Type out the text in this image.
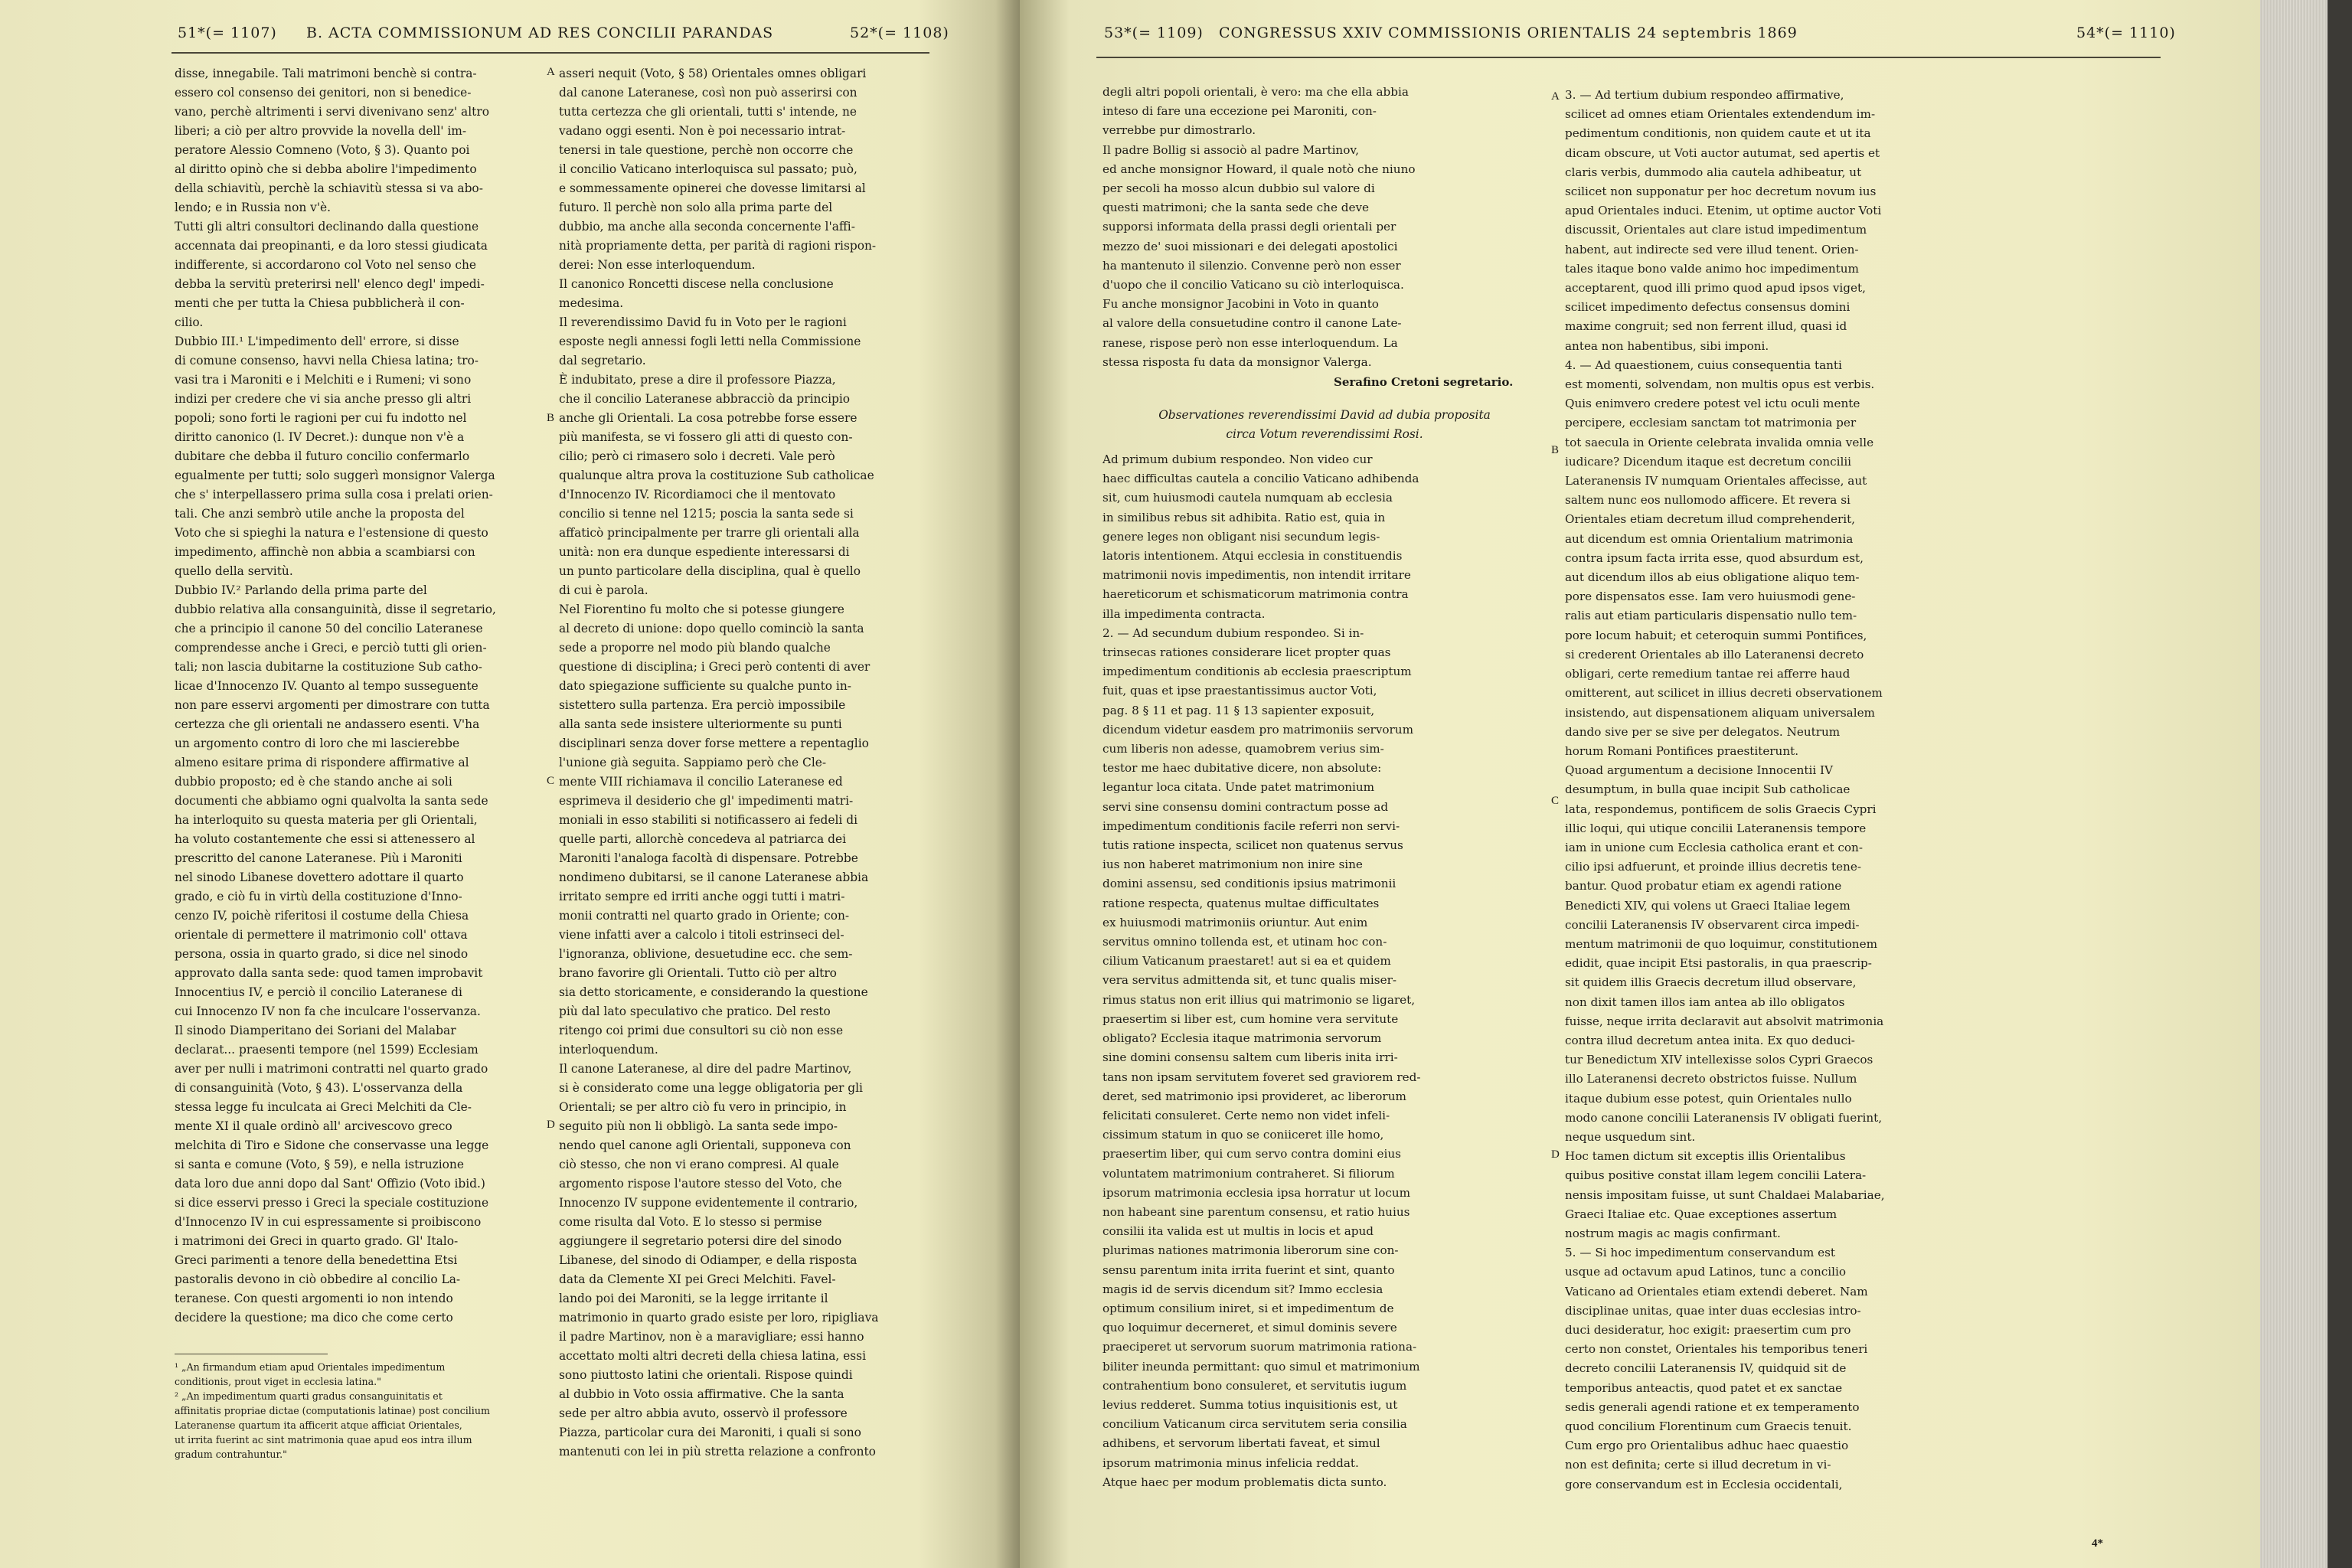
51*(= 1107) B. ACTA COMMISSIONUM AD RES CONCILII PARANDAS	52*(= 1108)
disse, innegabile. Tali matrimoni benchè si contra-
essero col consenso dei genitori, non si benedice-
vano, perchè altrimenti i servi divenivano senz' altro
liberi; a ciò per altro provvide la novella dell' im-
peratore Alessio Comneno (Voto, § 3). Quanto poi
al diritto opinò che si debba abolire l'impedimento
della schiavitù, perchè la schiavitù stessa si va abo-
lendo; e in Russia non v'è.
Tutti gli altri consultori declinando dalla questione
accennata dai preopinanti, e da loro stessi giudicata
indifferente, si accordarono col Voto nel senso che
debba la servitù preterirsi nell' elenco degl' impedi-
menti che per tutta la Chiesa pubblicherà il con-
cilio.
Dubbio III.¹ L'impedimento dell' errore, si disse
di comune consenso, havvi nella Chiesa latina; tro-
vasi tra i Maroniti e i Melchiti e i Rumeni; vi sono
indizi per credere che vi sia anche presso gli altri
popoli; sono forti le ragioni per cui fu indotto nel
diritto canonico (l. IV Decret.): dunque non v'è a
dubitare che debba il futuro concilio confermarlo
egualmente per tutti; solo suggerì monsignor Valerga
che s' interpellassero prima sulla cosa i prelati orien-
tali. Che anzi sembrò utile anche la proposta del
Voto che si spieghi la natura e l'estensione di questo
impedimento, affinchè non abbia a scambiarsi con
quello della servitù.
Dubbio IV.² Parlando della prima parte del
dubbio relativa alla consanguinità, disse il segretario,
che a principio il canone 50 del concilio Lateranese
comprendesse anche i Greci, e perciò tutti gli orien-
tali; non lascia dubitarne la costituzione Sub catho-
licae d'Innocenzo IV. Quanto al tempo susseguente
non pare esservi argomenti per dimostrare con tutta
certezza che gli orientali ne andassero esenti. V'ha
un argomento contro di loro che mi lascierebbe
almeno esitare prima di rispondere affirmative al
dubbio proposto; ed è che stando anche ai soli
documenti che abbiamo ogni qualvolta la santa sede
ha interloquito su questa materia per gli Orientali,
ha voluto costantemente che essi si attenessero al
prescritto del canone Lateranese. Più i Maroniti
nel sinodo Libanese dovettero adottare il quarto
grado, e ciò fu in virtù della costituzione d'Inno-
cenzo IV, poichè riferitosi il costume della Chiesa
orientale di permettere il matrimonio coll' ottava
persona, ossia in quarto grado, si dice nel sinodo
approvato dalla santa sede: quod tamen improbavit
Innocentius IV, e perciò il concilio Lateranese di
cui Innocenzo IV non fa che inculcare l'osservanza.
Il sinodo Diamperitano dei Soriani del Malabar
declarat... praesenti tempore (nel 1599) Ecclesiam
aver per nulli i matrimoni contratti nel quarto grado
di consanguinità (Voto, § 43). L'osservanza della
stessa legge fu inculcata ai Greci Melchiti da Cle-
mente XI il quale ordinò all' arcivescovo greco
melchita di Tiro e Sidone che conservasse una legge
si santa e comune (Voto, § 59), e nella istruzione
data loro due anni dopo dal Sant' Offizio (Voto ibid.)
si dice esservi presso i Greci la speciale costituzione
d'Innocenzo IV in cui espressamente si proibiscono
i matrimoni dei Greci in quarto grado. Gl' Italo-
Greci parimenti a tenore della benedettina Etsi
pastoralis devono in ciò obbedire al concilio La-
teranese. Con questi argomenti io non intendo
decidere la questione; ma dico che come certo
asseri nequit (Voto, § 58) Orientales omnes obligari
dal canone Lateranese, così non può asserirsi con
tutta certezza che gli orientali, tutti s' intende, ne
vadano oggi esenti. Non è poi necessario intrat-
tenersi in tale questione, perchè non occorre che
il concilio Vaticano interloquisca sul passato; può,
e sommessamente opinerei che dovesse limitarsi al
futuro. Il perchè non solo alla prima parte del
dubbio, ma anche alla seconda concernente l'affi-
nità propriamente detta, per parità di ragioni rispon-
derei: Non esse interloquendum.
Il canonico Roncetti discese nella conclusione
medesima.
Il reverendissimo David fu in Voto per le ragioni
esposte negli annessi fogli letti nella Commissione
dal segretario.
È indubitato, prese a dire il professore Piazza,
che il concilio Lateranese abbracciò da principio
anche gli Orientali. La cosa potrebbe forse essere
più manifesta, se vi fossero gli atti di questo con-
cilio; però ci rimasero solo i decreti. Vale però
qualunque altra prova la costituzione Sub catholicae
d'Innocenzo IV. Ricordiamoci che il mentovato
concilio si tenne nel 1215; poscia la santa sede si
affaticò principalmente per trarre gli orientali alla
unità: non era dunque espediente interessarsi di
un punto particolare della disciplina, qual è quello
di cui è parola.
Nel Fiorentino fu molto che si potesse giungere
al decreto di unione: dopo quello cominciò la santa
sede a proporre nel modo più blando qualche
questione di disciplina; i Greci però contenti di aver
dato spiegazione sufficiente su qualche punto in-
sistettero sulla partenza. Era perciò impossibile
alla santa sede insistere ulteriormente su punti
disciplinari senza dover forse mettere a repentaglio
l'unione già seguita. Sappiamo però che Cle-
mente VIII richiamava il concilio Lateranese ed
esprimeva il desiderio che gl' impedimenti matri-
moniali in esso stabiliti si notificassero ai fedeli di
quelle parti, allorchè concedeva al patriarca dei
Maroniti l'analoga facoltà di dispensare. Potrebbe
nondimeno dubitarsi, se il canone Lateranese abbia
irritato sempre ed irriti anche oggi tutti i matri-
monii contratti nel quarto grado in Oriente; con-
viene infatti aver a calcolo i titoli estrinseci del-
l'ignoranza, oblivione, desuetudine ecc. che sem-
brano favorire gli Orientali. Tutto ciò per altro
sia detto storicamente, e considerando la questione
più dal lato speculativo che pratico. Del resto
ritengo coi primi due consultori su ciò non esse
interloquendum.
Il canone Lateranese, al dire del padre Martinov,
si è considerato come una legge obligatoria per gli
Orientali; se per altro ciò fu vero in principio, in
seguito più non li obbligò. La santa sede impo-
nendo quel canone agli Orientali, supponeva con
ciò stesso, che non vi erano compresi. Al quale
argomento rispose l'autore stesso del Voto, che
Innocenzo IV suppone evidentemente il contrario,
come risulta dal Voto. E lo stesso si permise
aggiungere il segretario potersi dire del sinodo
Libanese, del sinodo di Odiamper, e della risposta
data da Clemente XI pei Greci Melchiti. Favel-
lando poi dei Maroniti, se la legge irritante il
matrimonio in quarto grado esiste per loro, ripigliava
il padre Martinov, non è a maravigliare; essi hanno
accettato molti altri decreti della chiesa latina, essi
sono piuttosto latini che orientali. Rispose quindi
al dubbio in Voto ossia affirmative. Che la santa
sede per altro abbia avuto, osservò il professore
Piazza, particolar cura dei Maroniti, i quali si sono
mantenuti con lei in più stretta relazione a confronto
A
B
C
D
¹ „An firmandum etiam apud Orientales impedimentum
conditionis, prout viget in ecclesia latina."
² „An impedimentum quarti gradus consanguinitatis et
affinitatis propriae dictae (computationis latinae) post concilium
Lateranense quartum ita afficerit atque afficiat Orientales,
ut irrita fuerint ac sint matrimonia quae apud eos intra illum
gradum contrahuntur."
53*(= 1109) CONGRESSUS XXIV COMMISSIONIS ORIENTALIS 24 septembris 1869	54*(= 1110)
degli altri popoli orientali, è vero: ma che ella abbia
inteso di fare una eccezione pei Maroniti, con-
verrebbe pur dimostrarlo.
Il padre Bollig si associò al padre Martinov,
ed anche monsignor Howard, il quale notò che niuno
per secoli ha mosso alcun dubbio sul valore di
questi matrimoni; che la santa sede che deve
supporsi informata della prassi degli orientali per
mezzo de' suoi missionari e dei delegati apostolici
ha mantenuto il silenzio. Convenne però non esser
d'uopo che il concilio Vaticano su ciò interloquisca.
Fu anche monsignor Jacobini in Voto in quanto
al valore della consuetudine contro il canone Late-
ranese, rispose però non esse interloquendum. La
stessa risposta fu data da monsignor Valerga.
Serafino Cretoni segretario.
Observationes reverendissimi David ad dubia proposita
circa Votum reverendissimi Rosi.
Ad primum dubium respondeo. Non video cur
haec difficultas cautela a concilio Vaticano adhibenda
sit, cum huiusmodi cautela numquam ab ecclesia
in similibus rebus sit adhibita. Ratio est, quia in
genere leges non obligant nisi secundum legis-
latoris intentionem. Atqui ecclesia in constituendis
matrimonii novis impedimentis, non intendit irritare
haereticorum et schismaticorum matrimonia contra
illa impedimenta contracta.
2. — Ad secundum dubium respondeo. Si in-
trinsecas rationes considerare licet propter quas
impedimentum conditionis ab ecclesia praescriptum
fuit, quas et ipse praestantissimus auctor Voti,
pag. 8 § 11 et pag. 11 § 13 sapienter exposuit,
dicendum videtur easdem pro matrimoniis servorum
cum liberis non adesse, quamobrem verius sim-
testor me haec dubitative dicere, non absolute:
legantur loca citata. Unde patet matrimonium
servi sine consensu domini contractum posse ad
impedimentum conditionis facile referri non servi-
tutis ratione inspecta, scilicet non quatenus servus
ius non haberet matrimonium non inire sine
domini assensu, sed conditionis ipsius matrimonii
ratione respecta, quatenus multae difficultates
ex huiusmodi matrimoniis oriuntur. Aut enim
servitus omnino tollenda est, et utinam hoc con-
cilium Vaticanum praestaret! aut si ea et quidem
vera servitus admittenda sit, et tunc qualis miser-
rimus status non erit illius qui matrimonio se ligaret,
praesertim si liber est, cum homine vera servitute
obligato? Ecclesia itaque matrimonia servorum
sine domini consensu saltem cum liberis inita irri-
tans non ipsam servitutem foveret sed graviorem red-
deret, sed matrimonio ipsi provideret, ac liberorum
felicitati consuleret. Certe nemo non videt infeli-
cissimum statum in quo se coniiceret ille homo,
praesertim liber, qui cum servo contra domini eius
voluntatem matrimonium contraheret. Si filiorum
ipsorum matrimonia ecclesia ipsa horratur ut locum
non habeant sine parentum consensu, et ratio huius
consilii ita valida est ut multis in locis et apud
plurimas nationes matrimonia liberorum sine con-
sensu parentum inita irrita fuerint et sint, quanto
magis id de servis dicendum sit? Immo ecclesia
optimum consilium iniret, si et impedimentum de
quo loquimur decerneret, et simul dominis severe
praeciperet ut servorum suorum matrimonia rationa-
biliter ineunda permittant: quo simul et matrimonium
contrahentium bono consuleret, et servitutis iugum
levius redderet. Summa totius inquisitionis est, ut
concilium Vaticanum circa servitutem seria consilia
adhibens, et servorum libertati faveat, et simul
ipsorum matrimonia minus infelicia reddat.
Atque haec per modum problematis dicta sunto.
3. — Ad tertium dubium respondeo affirmative,
scilicet ad omnes etiam Orientales extendendum im-
pedimentum conditionis, non quidem caute et ut ita
dicam obscure, ut Voti auctor autumat, sed apertis et
claris verbis, dummodo alia cautela adhibeatur, ut
scilicet non supponatur per hoc decretum novum ius
apud Orientales induci. Etenim, ut optime auctor Voti
discussit, Orientales aut clare istud impedimentum
habent, aut indirecte sed vere illud tenent. Orien-
tales itaque bono valde animo hoc impedimentum
acceptarent, quod illi primo quod apud ipsos viget,
scilicet impedimento defectus consensus domini
maxime congruit; sed non ferrent illud, quasi id
antea non habentibus, sibi imponi.
4. — Ad quaestionem, cuius consequentia tanti
est momenti, solvendam, non multis opus est verbis.
Quis enimvero credere potest vel ictu oculi mente
percipere, ecclesiam sanctam tot matrimonia per
tot saecula in Oriente celebrata invalida omnia velle
iudicare? Dicendum itaque est decretum concilii
Lateranensis IV numquam Orientales affecisse, aut
saltem nunc eos nullomodo afficere. Et revera si
Orientales etiam decretum illud comprehenderit,
aut dicendum est omnia Orientalium matrimonia
contra ipsum facta irrita esse, quod absurdum est,
aut dicendum illos ab eius obligatione aliquo tem-
pore dispensatos esse. Iam vero huiusmodi gene-
ralis aut etiam particularis dispensatio nullo tem-
pore locum habuit; et ceteroquin summi Pontifices,
si crederent Orientales ab illo Lateranensi decreto
obligari, certe remedium tantae rei afferre haud
omitterent, aut scilicet in illius decreti observationem
insistendo, aut dispensationem aliquam universalem
dando sive per se sive per delegatos. Neutrum
horum Romani Pontifices praestiterunt.
Quoad argumentum a decisione Innocentii IV
desumptum, in bulla quae incipit Sub catholicae
lata, respondemus, pontificem de solis Graecis Cypri
illic loqui, qui utique concilii Lateranensis tempore
iam in unione cum Ecclesia catholica erant et con-
cilio ipsi adfuerunt, et proinde illius decretis tene-
bantur. Quod probatur etiam ex agendi ratione
Benedicti XIV, qui volens ut Graeci Italiae legem
concilii Lateranensis IV observarent circa impedi-
mentum matrimonii de quo loquimur, constitutionem
edidit, quae incipit Etsi pastoralis, in qua praescrip-
sit quidem illis Graecis decretum illud observare,
non dixit tamen illos iam antea ab illo obligatos
fuisse, neque irrita declaravit aut absolvit matrimonia
contra illud decretum antea inita. Ex quo deduci-
tur Benedictum XIV intellexisse solos Cypri Graecos
illo Lateranensi decreto obstrictos fuisse. Nullum
itaque dubium esse potest, quin Orientales nullo
modo canone concilii Lateranensis IV obligati fuerint,
neque usquedum sint.
Hoc tamen dictum sit exceptis illis Orientalibus
quibus positive constat illam legem concilii Latera-
nensis impositam fuisse, ut sunt Chaldaei Malabariae,
Graeci Italiae etc. Quae exceptiones assertum
nostrum magis ac magis confirmant.
5. — Si hoc impedimentum conservandum est
usque ad octavum apud Latinos, tunc a concilio
Vaticano ad Orientales etiam extendi deberet. Nam
disciplinae unitas, quae inter duas ecclesias intro-
duci desideratur, hoc exigit: praesertim cum pro
certo non constet, Orientales his temporibus teneri
decreto concilii Lateranensis IV, quidquid sit de
temporibus anteactis, quod patet et ex sanctae
sedis generali agendi ratione et ex temperamento
quod concilium Florentinum cum Graecis tenuit.
Cum ergo pro Orientalibus adhuc haec quaestio
non est definita; certe si illud decretum in vi-
gore conservandum est in Ecclesia occidentali,
A
B
C
D
4*
